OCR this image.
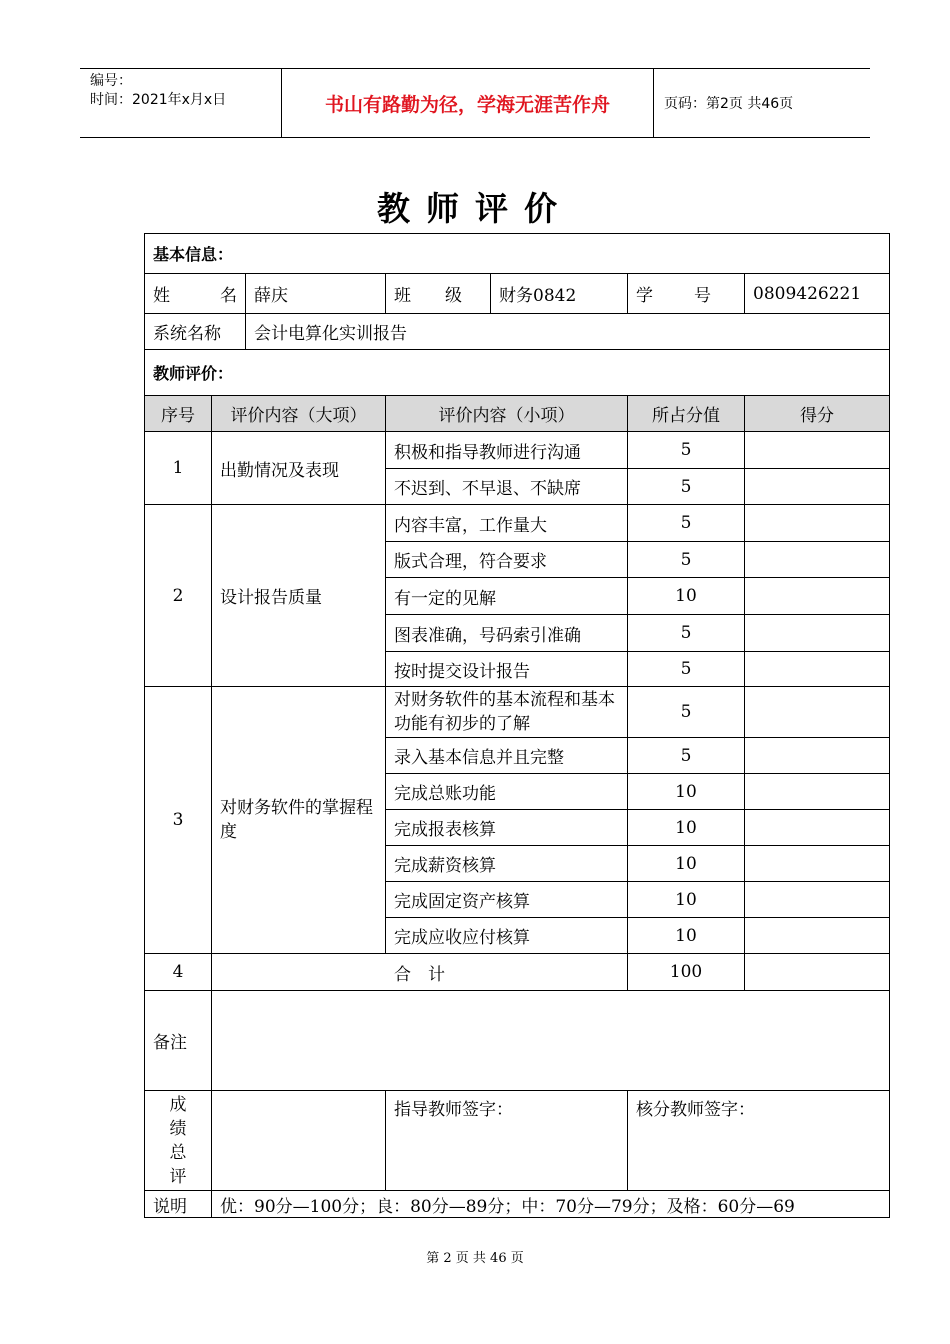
编号：
时间：2021年x月x日	书山有路勤为径，学海无涯苦作舟	页码：第2页 共46页
教师评价
基本信息：						

姓 名		薛庆	班 级	财务0842	学 号	0809426221
系统名称		会计电算化实训报告				
教师评价：						
序号	评价内容（大项）		评价内容（小项）		所占分值	得分
1	出勤情况及表现		积极和指导教师进行沟通		5	
			不迟到、不早退、不缺席		5	
2	设计报告质量		内容丰富，工作量大		5	
			版式合理，符合要求		5	
			有一定的见解		10	
			图表准确，号码索引准确		5	
			按时提交设计报告		5	
3	对财务软件的掌握程度		对财务软件的基本流程和基本功能有初步的了解		5	
			录入基本信息并且完整		5	
			完成总账功能		10	
			完成报表核算		10	
			完成薪资核算		10	
			完成固定资产核算		10	
			完成应收应付核算		10	
4	合　计				100	
备注						
成绩总评			指导教师签字：		核分教师签字：	
说明	优：90分—100分；良：80分—89分；中：70分—79分；及格：60分—69					
第 2 页 共 46 页
